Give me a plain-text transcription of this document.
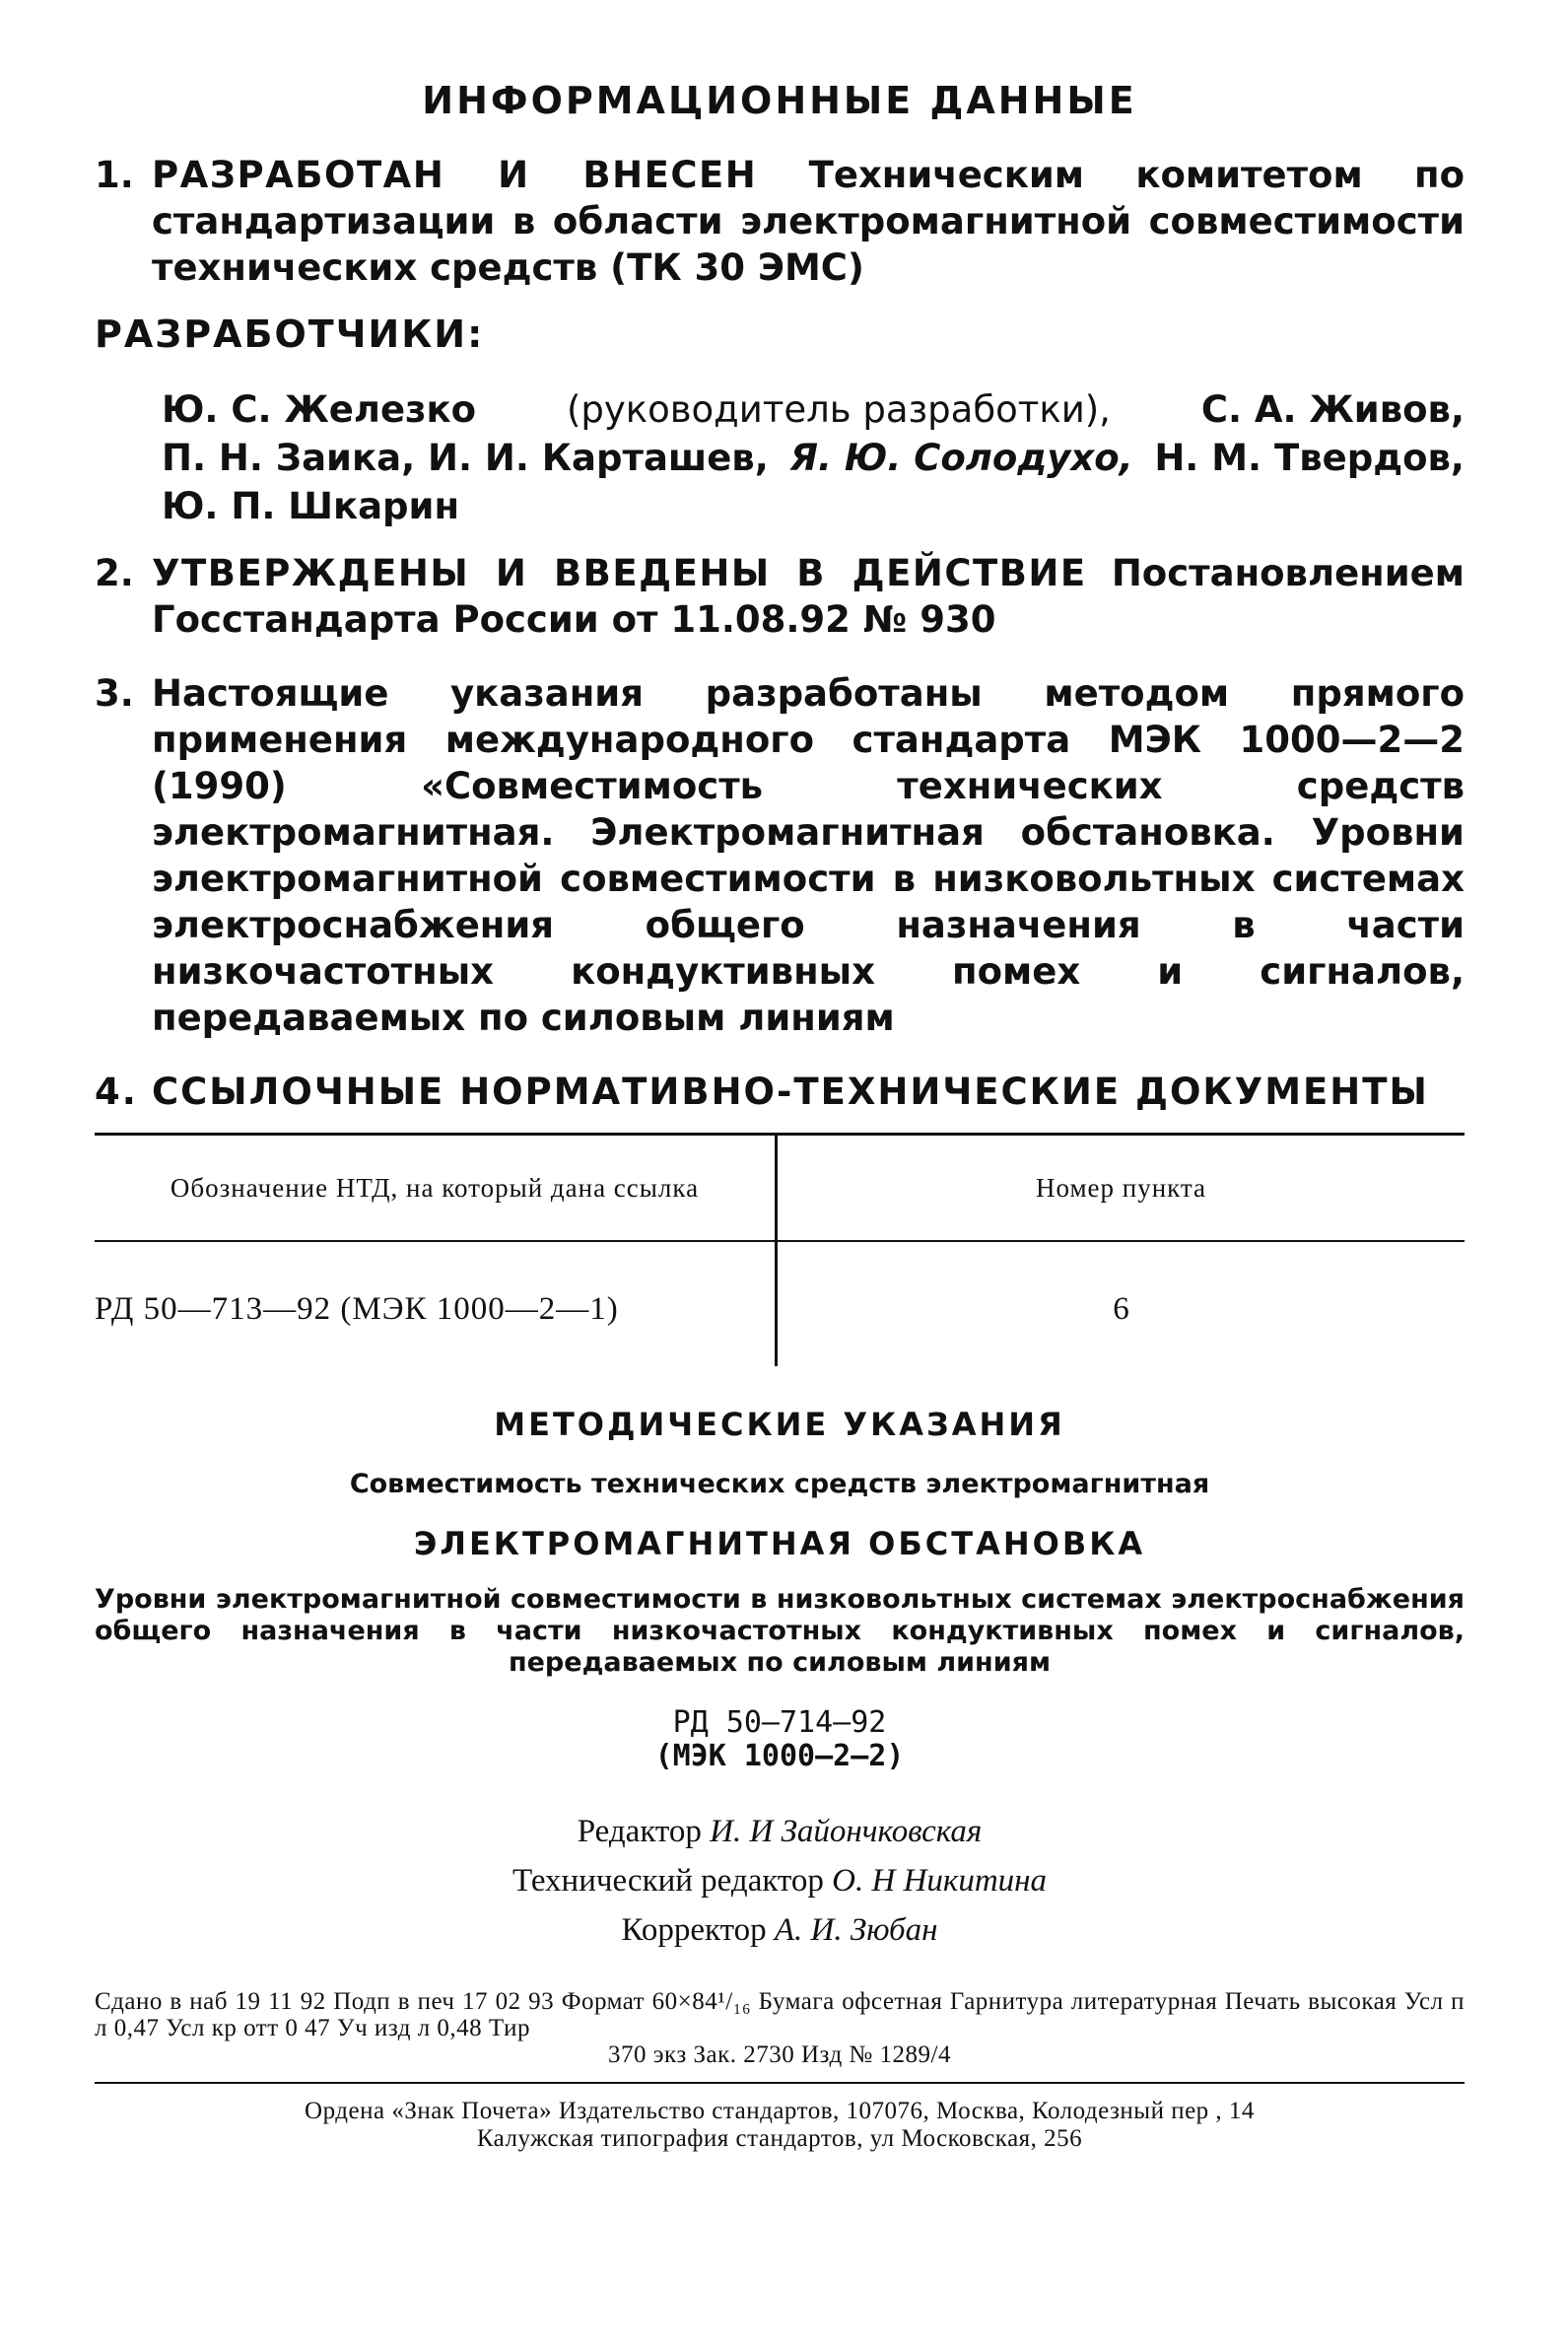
ИНФОРМАЦИОННЫЕ ДАННЫЕ
1. РАЗРАБОТАН И ВНЕСЕН Техническим комитетом по стандартизации в области электромагнитной совместимости технических средств (ТК 30 ЭМС)
РАЗРАБОТЧИКИ:
Ю. С. Железко (руководитель разработки), С. А. Живов,
П. Н. Заика, И. И. Карташев, Я. Ю. Солодухо, Н. М. Твердов,
Ю. П. Шкарин
2. УТВЕРЖДЕНЫ И ВВЕДЕНЫ В ДЕЙСТВИЕ Постановлением Госстандарта России от 11.08.92 № 930
3. Настоящие указания разработаны методом прямого применения международного стандарта МЭК 1000—2—2 (1990) «Совместимость технических средств электромагнитная. Электромагнитная обстановка. Уровни электромагнитной совместимости в низковольтных системах электроснабжения общего назначения в части низкочастотных кондуктивных помех и сигналов, передаваемых по силовым линиям
4. ССЫЛОЧНЫЕ НОРМАТИВНО-ТЕХНИЧЕСКИЕ ДОКУМЕНТЫ
Обозначение НТД, на который дана ссылка	Номер пункта
РД 50—713—92 (МЭК 1000—2—1)	6
МЕТОДИЧЕСКИЕ УКАЗАНИЯ
Совместимость технических средств электромагнитная
ЭЛЕКТРОМАГНИТНАЯ ОБСТАНОВКА
Уровни электромагнитной совместимости в низковольтных системах электроснабжения общего назначения в части низкочастотных кондуктивных помех и сигналов, передаваемых по силовым линиям
РД 50—714—92
(МЭК 1000—2—2)
Редактор И. И Зайончковская
Технический редактор О. Н Никитина
Корректор А. И. Зюбан
Сдано в наб 19 11 92 Подп в печ 17 02 93 Формат 60×84¹/₁₆ Бумага офсетная Гарнитура литературная Печать высокая Усл п л 0,47 Усл кр отт 0 47 Уч изд л 0,48 Тир
370 экз Зак. 2730 Изд № 1289/4
Ордена «Знак Почета» Издательство стандартов, 107076, Москва, Колодезный пер , 14
Калужская типография стандартов, ул Московская, 256
